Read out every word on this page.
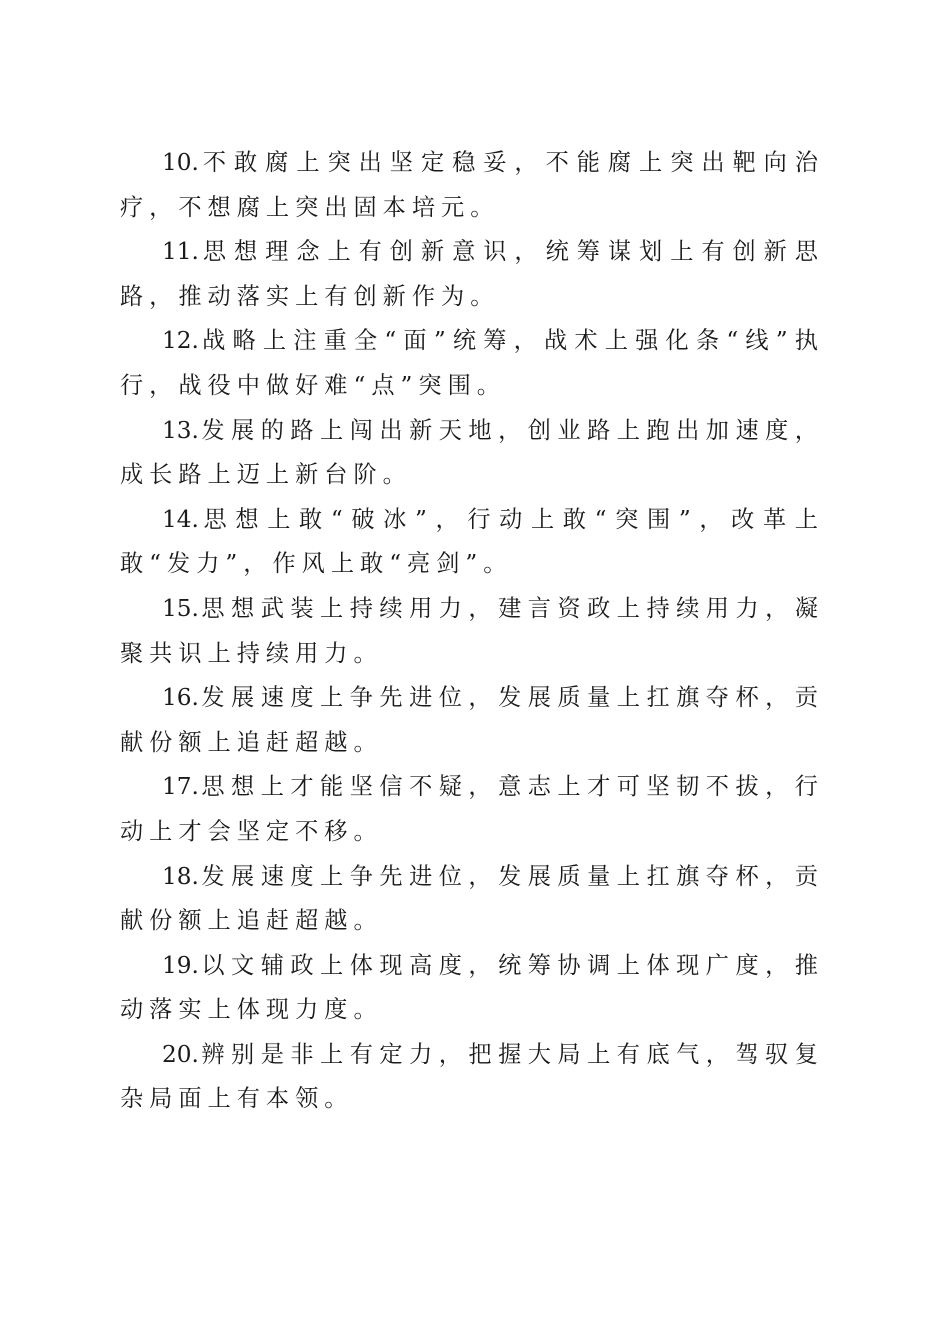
10.不敢腐上突出坚定稳妥，不能腐上突出靶向治疗，不想腐上突出固本培元。

11.思想理念上有创新意识，统筹谋划上有创新思路，推动落实上有创新作为。

12.战略上注重全“面”统筹，战术上强化条“线”执行，战役中做好难“点”突围。

13.发展的路上闯出新天地，创业路上跑出加速度，成长路上迈上新台阶。

14.思想上敢“破冰”，行动上敢“突围”，改革上敢“发力”，作风上敢“亮剑”。

15.思想武装上持续用力，建言资政上持续用力，凝聚共识上持续用力。

16.发展速度上争先进位，发展质量上扛旗夺杯，贡献份额上追赶超越。

17.思想上才能坚信不疑，意志上才可坚韧不拔，行动上才会坚定不移。

18.发展速度上争先进位，发展质量上扛旗夺杯，贡献份额上追赶超越。

19.以文辅政上体现高度，统筹协调上体现广度，推动落实上体现力度。

20.辨别是非上有定力，把握大局上有底气，驾驭复杂局面上有本领。
